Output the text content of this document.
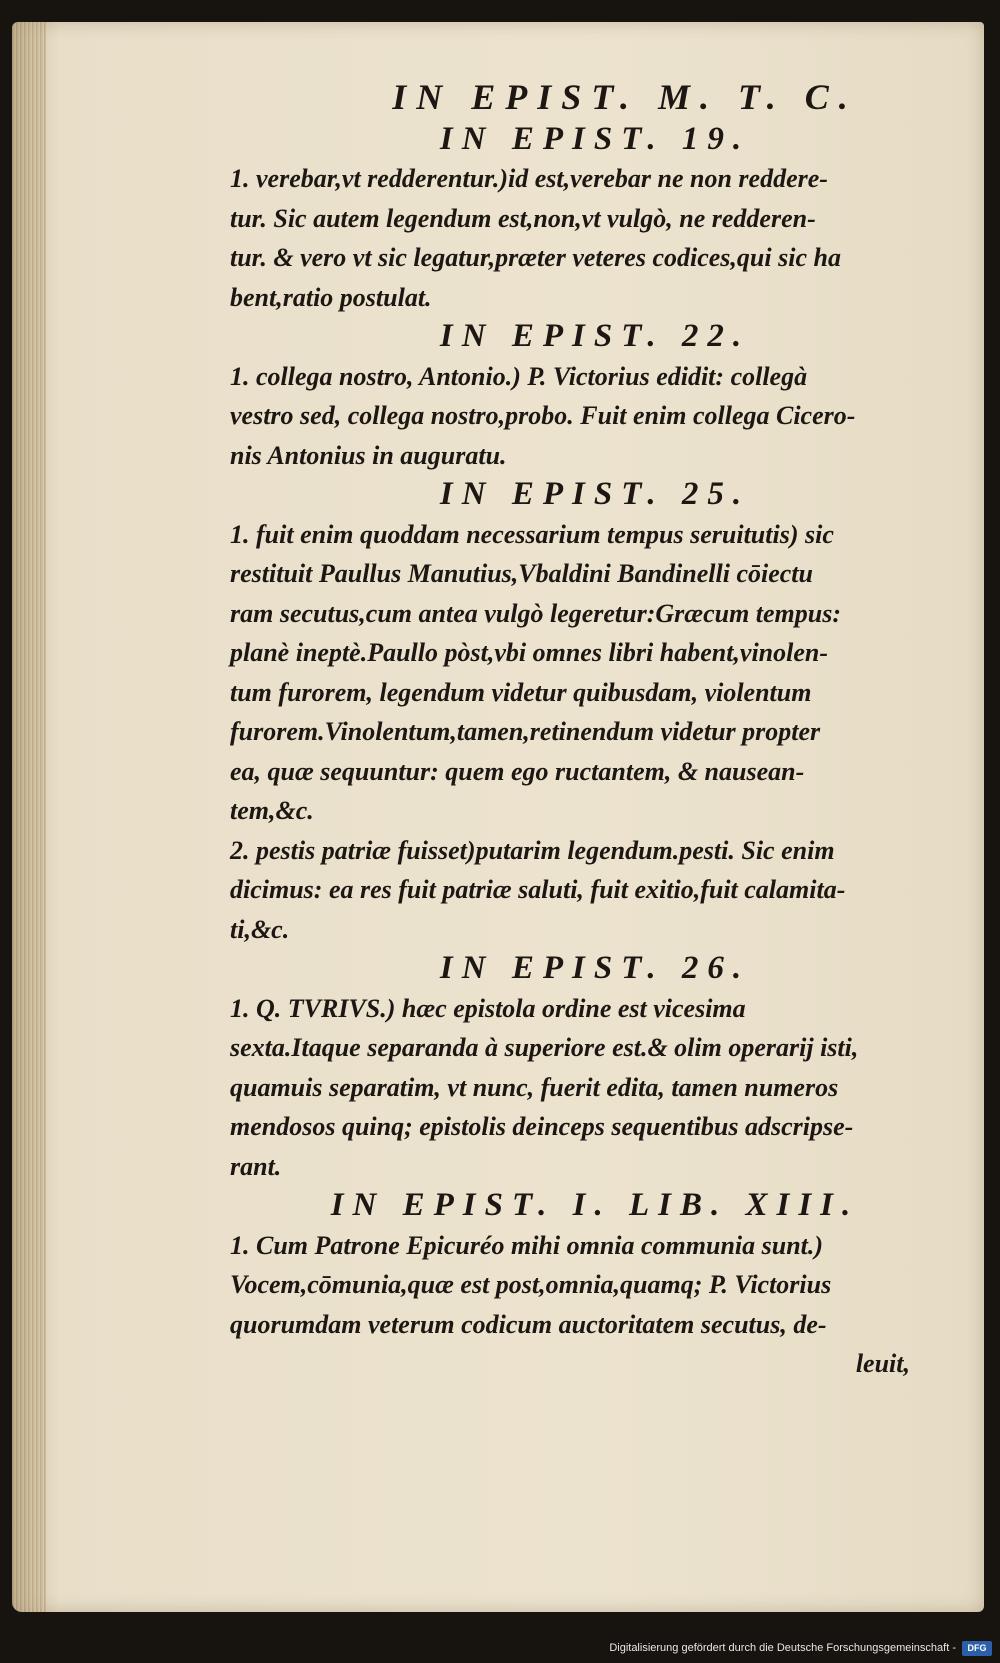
IN EPIST. M. T. C.
IN EPIST. 19.

1. verebar,vt redderentur.)id est,verebar ne non reddere-

tur. Sic autem legendum est,non,vt vulgò, ne redderen-

tur. & vero vt sic legatur,præter veteres codices,qui sic ha

bent,ratio postulat.

IN EPIST. 22.

1. collega nostro, Antonio.) P. Victorius edidit: collegà

vestro sed, collega nostro,probo. Fuit enim collega Cicero-

nis Antonius in auguratu.

IN EPIST. 25.

1. fuit enim quoddam necessarium tempus seruitutis) sic

restituit Paullus Manutius,Vbaldini Bandinelli cōiectu

ram secutus,cum antea vulgò legeretur:Græcum tempus:

planè ineptè.Paullo pòst,vbi omnes libri habent,vinolen-

tum furorem, legendum videtur quibusdam, violentum

furorem.Vinolentum,tamen,retinendum videtur propter

ea, quæ sequuntur: quem ego ructantem, & nausean-

tem,&c.

2. pestis patriæ fuisset)putarim legendum.pesti. Sic enim

dicimus: ea res fuit patriæ saluti, fuit exitio,fuit calamita-

ti,&c.

IN EPIST. 26.

1. Q. TVRIVS.) hæc epistola ordine est vicesima

sexta.Itaque separanda à superiore est.& olim operarij isti,

quamuis separatim, vt nunc, fuerit edita, tamen numeros

mendosos quinq; epistolis deinceps sequentibus adscripse-

rant.

IN EPIST. I. LIB. XIII.

1. Cum Patrone Epicuréo mihi omnia communia sunt.)

Vocem,cōmunia,quæ est post,omnia,quamq; P. Victorius

quorumdam veterum codicum auctoritatem secutus, de-

leuit,

Digitalisierung gefördert durch die Deutsche Forschungsgemeinschaft -	DFG
